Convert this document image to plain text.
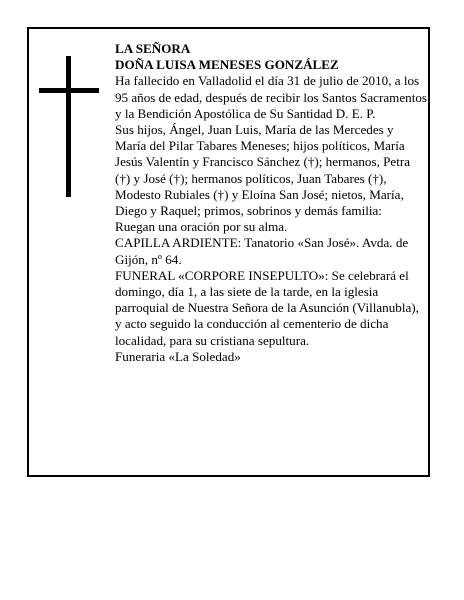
LA SEÑORA

DOÑA LUISA MENESES GONZÁLEZ

Ha fallecido en Valladolid el día 31 de julio de 2010, a los 95 años de edad, después de recibir los Santos Sacramentos y la Bendición Apostólica de Su Santidad D. E. P.

Sus hijos, Ángel, Juan Luis, María de las Mercedes y María del Pilar Tabares Meneses; hijos políticos, María Jesús Valentín y Francisco Sánchez (†); hermanos, Petra (†) y José (†); hermanos políticos, Juan Tabares (†), Modesto Rubiales (†) y Eloína San José; nietos, María, Diego y Raquel; primos, sobrinos y demás familia:

Ruegan una oración por su alma.

CAPILLA ARDIENTE: Tanatorio «San José». Avda. de Gijón, nº 64.

FUNERAL «CORPORE INSEPULTO»: Se celebrará el domingo, día 1, a las siete de la tarde, en la iglesia parroquial de Nuestra Señora de la Asunción (Villanubla), y acto seguido la conducción al cementerio de dicha localidad, para su cristiana sepultura.

Funeraria «La Soledad»
